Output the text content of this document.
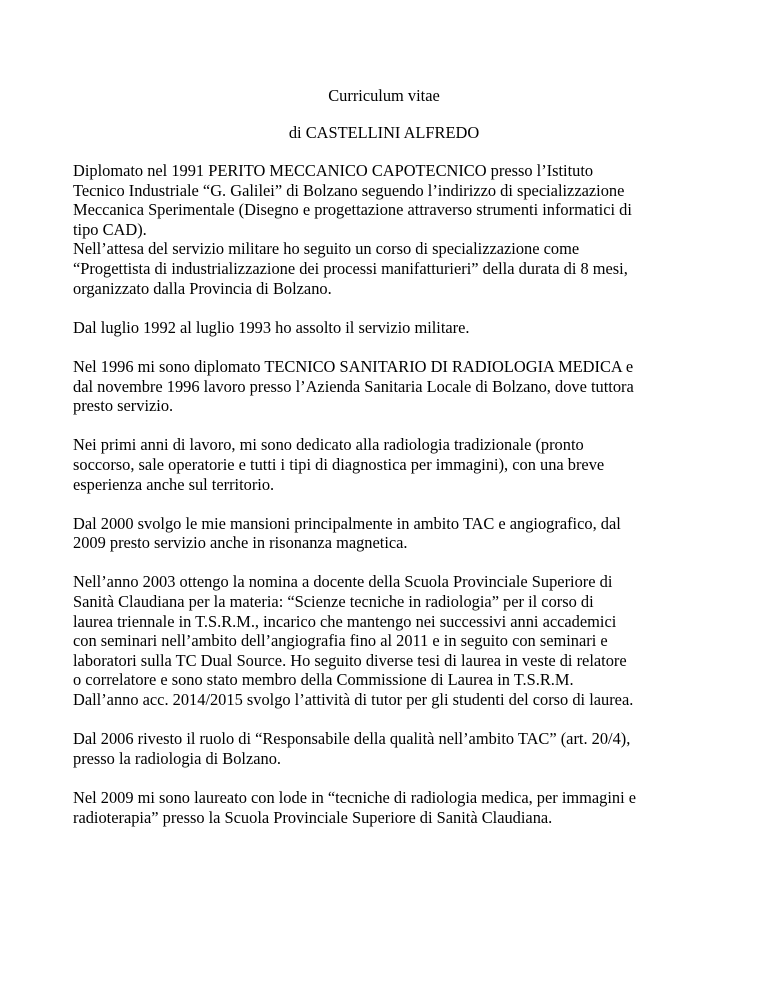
Curriculum vitae

di CASTELLINI ALFREDO

Diplomato nel 1991 PERITO MECCANICO CAPOTECNICO presso l’Istituto
Tecnico Industriale “G. Galilei” di Bolzano seguendo l’indirizzo di specializzazione
Meccanica Sperimentale (Disegno e progettazione attraverso strumenti informatici di
tipo CAD).

Nell’attesa del servizio militare ho seguito un corso di specializzazione come
“Progettista di industrializzazione dei processi manifatturieri” della durata di 8 mesi,
organizzato dalla Provincia di Bolzano.

Dal luglio 1992 al luglio 1993 ho assolto il servizio militare.

Nel 1996 mi sono diplomato TECNICO SANITARIO DI RADIOLOGIA MEDICA e
dal novembre 1996 lavoro presso l’Azienda Sanitaria Locale di Bolzano, dove tuttora
presto servizio.

Nei primi anni di lavoro, mi sono dedicato alla radiologia tradizionale (pronto
soccorso, sale operatorie e tutti i tipi di diagnostica per immagini), con una breve
esperienza anche sul territorio.

Dal 2000 svolgo le mie mansioni principalmente in ambito TAC e angiografico, dal
2009 presto servizio anche in risonanza magnetica.

Nell’anno 2003 ottengo la nomina a docente della Scuola Provinciale Superiore di
Sanità Claudiana per la materia: “Scienze tecniche in radiologia” per il corso di
laurea triennale in T.S.R.M., incarico che mantengo nei successivi anni accademici
con seminari nell’ambito dell’angiografia fino al 2011 e in seguito con seminari e
laboratori sulla TC Dual Source. Ho seguito diverse tesi di laurea in veste di relatore
o correlatore e sono stato membro della Commissione di Laurea in T.S.R.M.
Dall’anno acc. 2014/2015 svolgo l’attività di tutor per gli studenti del corso di laurea.

Dal 2006 rivesto il ruolo di “Responsabile della qualità nell’ambito TAC” (art. 20/4),
presso la radiologia di Bolzano.

Nel 2009 mi sono laureato con lode in “tecniche di radiologia medica, per immagini e
radioterapia” presso la Scuola Provinciale Superiore di Sanità Claudiana.
